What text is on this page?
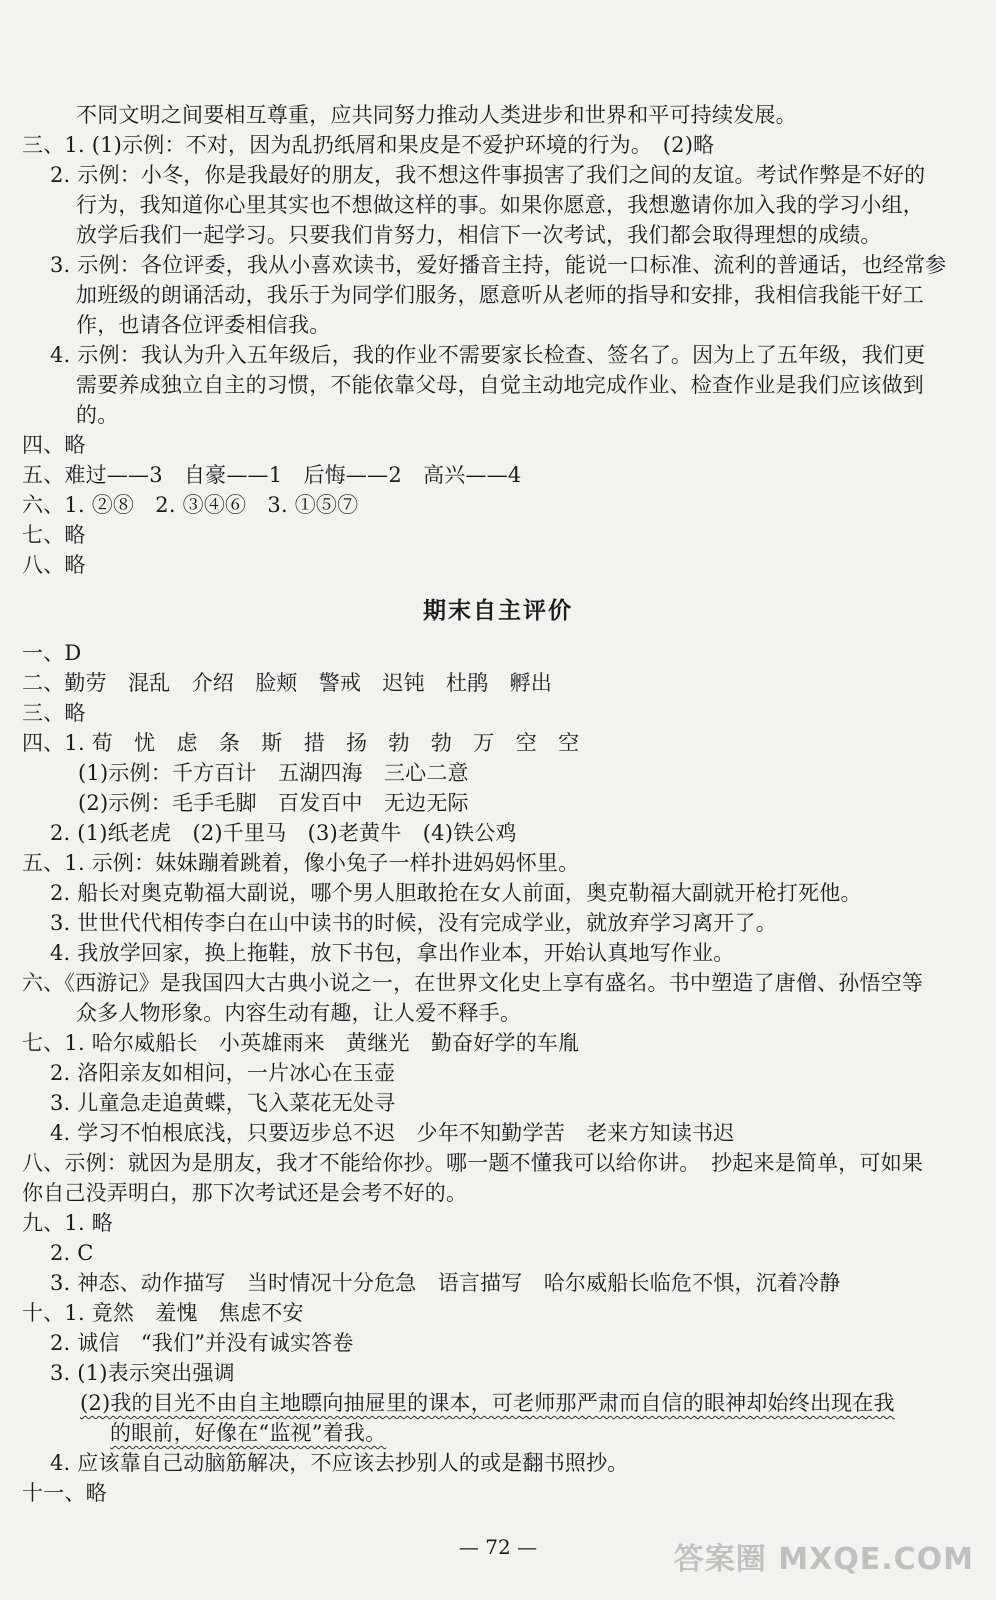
不同文明之间要相互尊重，应共同努力推动人类进步和世界和平可持续发展。
三、1. (1)示例：不对，因为乱扔纸屑和果皮是不爱护环境的行为。　(2)略
2. 示例：小冬，你是我最好的朋友，我不想这件事损害了我们之间的友谊。考试作弊是不好的
行为，我知道你心里其实也不想做这样的事。如果你愿意，我想邀请你加入我的学习小组，
放学后我们一起学习。只要我们肯努力，相信下一次考试，我们都会取得理想的成绩。
3. 示例：各位评委，我从小喜欢读书，爱好播音主持，能说一口标准、流利的普通话，也经常参
加班级的朗诵活动，我乐于为同学们服务，愿意听从老师的指导和安排，我相信我能干好工
作，也请各位评委相信我。
4. 示例：我认为升入五年级后，我的作业不需要家长检查、签名了。因为上了五年级，我们更
需要养成独立自主的习惯，不能依靠父母，自觉主动地完成作业、检查作业是我们应该做到
的。
四、略
五、难过——3　自豪——1　后悔——2　高兴——4
六、1. ②⑧　2. ③④⑥　3. ①⑤⑦
七、略
八、略
期末自主评价
一、D
二、勤劳　混乱　介绍　脸颊　警戒　迟钝　杜鹃　孵出
三、略
四、1. 荀　忧　虑　条　斯　措　扬　勃　勃　万　空　空
(1)示例：千方百计　五湖四海　三心二意
(2)示例：毛手毛脚　百发百中　无边无际
2. (1)纸老虎　(2)千里马　(3)老黄牛　(4)铁公鸡
五、1. 示例：妹妹蹦着跳着，像小兔子一样扑进妈妈怀里。
2. 船长对奥克勒福大副说，哪个男人胆敢抢在女人前面，奥克勒福大副就开枪打死他。
3. 世世代代相传李白在山中读书的时候，没有完成学业，就放弃学习离开了。
4. 我放学回家，换上拖鞋，放下书包，拿出作业本，开始认真地写作业。
六、《西游记》是我国四大古典小说之一，在世界文化史上享有盛名。书中塑造了唐僧、孙悟空等
众多人物形象。内容生动有趣，让人爱不释手。
七、1. 哈尔威船长　小英雄雨来　黄继光　勤奋好学的车胤
2. 洛阳亲友如相问，一片冰心在玉壶
3. 儿童急走追黄蝶，飞入菜花无处寻
4. 学习不怕根底浅，只要迈步总不迟　少年不知勤学苦　老来方知读书迟
八、示例：就因为是朋友，我才不能给你抄。哪一题不懂我可以给你讲。　抄起来是简单，可如果
你自己没弄明白，那下次考试还是会考不好的。
九、1. 略
2. C
3. 神态、动作描写　当时情况十分危急　语言描写　哈尔威船长临危不惧，沉着冷静
十、1. 竟然　羞愧　焦虑不安
2. 诚信　“我们”并没有诚实答卷
3. (1)表示突出强调
(2)我的目光不由自主地瞟向抽屉里的课本，可老师那严肃而自信的眼神却始终出现在我
的眼前，好像在“监视”着我。
4. 应该靠自己动脑筋解决，不应该去抄别人的或是翻书照抄。
十一、略
— 72 —	答案圈 MXQE.COM
